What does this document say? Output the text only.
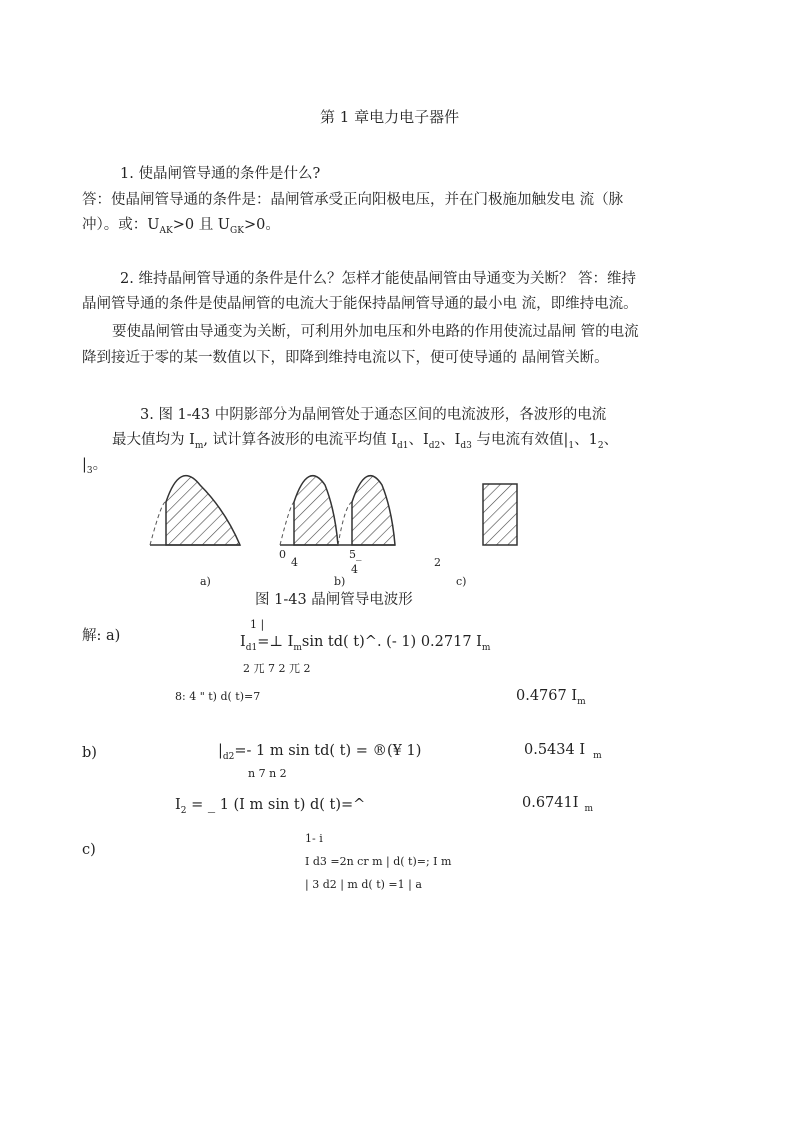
第 1 章电力电子器件
1. 使晶闸管导通的条件是什么?
答：使晶闸管导通的条件是：晶闸管承受正向阳极电压，并在门极施加触发电 流（脉
冲）。或：$U_{AK}>0$ 且 $U_{GK}>0$。
2. 维持晶闸管导通的条件是什么？怎样才能使晶闸管由导通变为关断？ 答：维持
晶闸管导通的条件是使晶闸管的电流大于能保持晶闸管导通的最小电 流，即维持电流。
要使晶闸管由导通变为关断，可利用外加电压和外电路的作用使流过晶闸 管的电流
降到接近于零的某一数值以下，即降到维持电流以下，便可使导通的 晶闸管关断。
3. 图 1-43 中阴影部分为晶闸管处于通态区间的电流波形，各波形的电流
最大值均为 $I_m$, 试计算各波形的电流平均值 $I_{d1}$、$I_{d2}$、$I_{d3}$ 与电流有效值$|_1$、$1_2$、
$|_3$。
0
4
5_
4
2
a)	b)	c)
图 1-43 晶闸管导电波形
解: a)
1 |
$I_{d1}=\perp$ $I_m\sin$ td( t)^. (- 1) 0.2717 $I_m$
2 兀 7 2 兀 2
8: 4 " t) d( t)=7	0.4767 $I_m$
b)	$|_{d2}=-$ 1 m sin td( t) = ®(¥ 1)	0.5434 I $_m$
n 7 n 2
$I_2$ = _ 1 (I m sin t) d( t)=^	0.6741I $_m$
c)
1- i
I d3 =2n cr m | d( t)=; I m
| 3 d2 | m d( t) =1 | a
